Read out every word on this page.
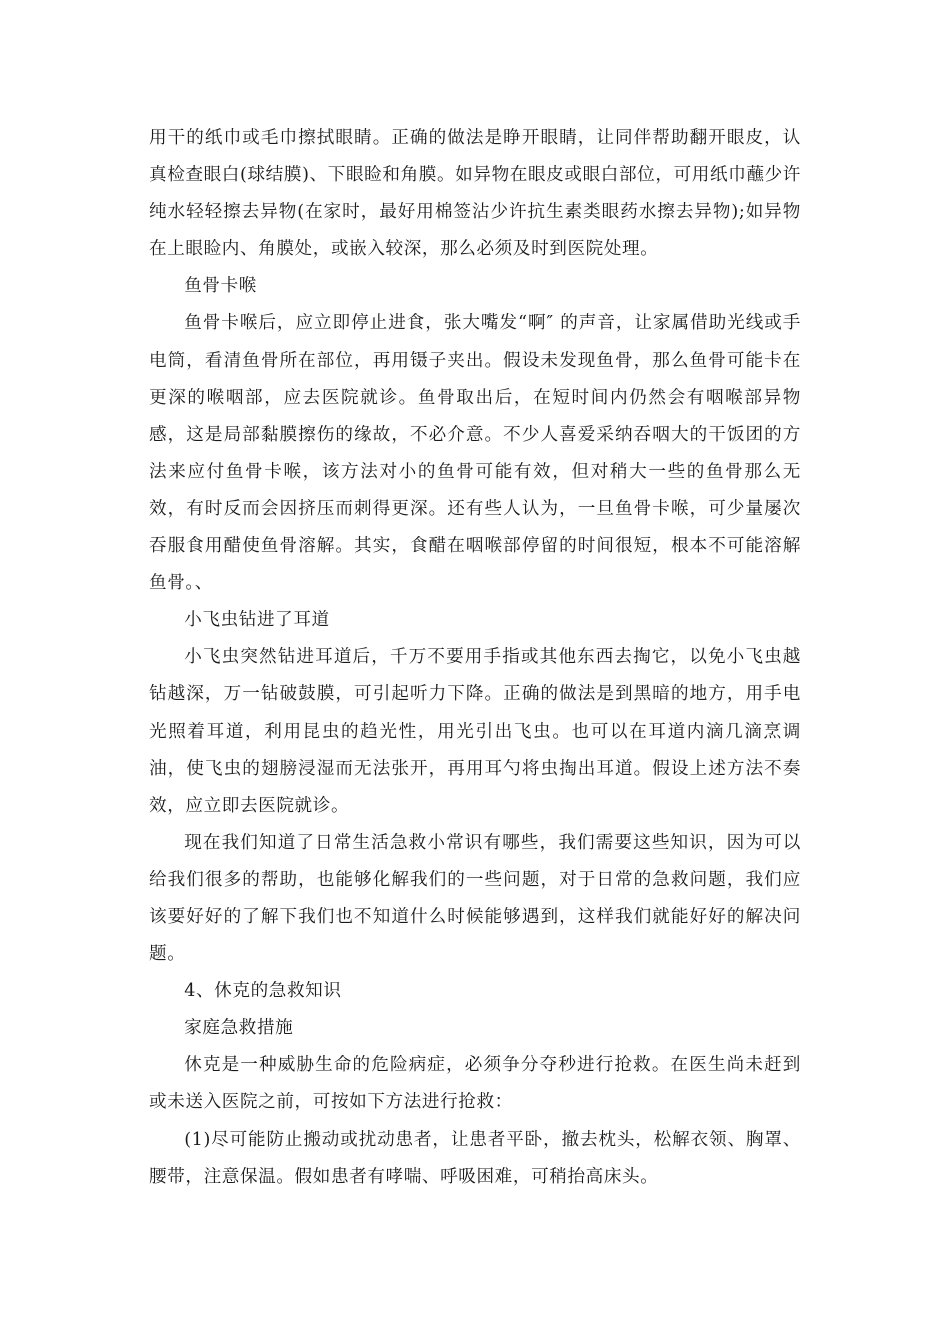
用干的纸巾或毛巾擦拭眼睛。正确的做法是睁开眼睛，让同伴帮助翻开眼皮，认真检查眼白(球结膜)、下眼睑和角膜。如异物在眼皮或眼白部位，可用纸巾蘸少许纯水轻轻擦去异物(在家时，最好用棉签沾少许抗生素类眼药水擦去异物);如异物在上眼睑内、角膜处，或嵌入较深，那么必须及时到医院处理。

鱼骨卡喉

鱼骨卡喉后，应立即停止进食，张大嘴发“啊″ 的声音，让家属借助光线或手电筒，看清鱼骨所在部位，再用镊子夹出。假设未发现鱼骨，那么鱼骨可能卡在更深的喉咽部，应去医院就诊。鱼骨取出后，在短时间内仍然会有咽喉部异物感，这是局部黏膜擦伤的缘故，不必介意。不少人喜爱采纳吞咽大的干饭团的方法来应付鱼骨卡喉，该方法对小的鱼骨可能有效，但对稍大一些的鱼骨那么无效，有时反而会因挤压而刺得更深。还有些人认为，一旦鱼骨卡喉，可少量屡次吞服食用醋使鱼骨溶解。其实，食醋在咽喉部停留的时间很短，根本不可能溶解鱼骨。、

小飞虫钻进了耳道

小飞虫突然钻进耳道后，千万不要用手指或其他东西去掏它，以免小飞虫越钻越深，万一钻破鼓膜，可引起听力下降。正确的做法是到黑暗的地方，用手电光照着耳道，利用昆虫的趋光性，用光引出飞虫。也可以在耳道内滴几滴烹调油，使飞虫的翅膀浸湿而无法张开，再用耳勺将虫掏出耳道。假设上述方法不奏效，应立即去医院就诊。

现在我们知道了日常生活急救小常识有哪些，我们需要这些知识，因为可以给我们很多的帮助，也能够化解我们的一些问题，对于日常的急救问题，我们应该要好好的了解下我们也不知道什么时候能够遇到，这样我们就能好好的解决问题。

4、休克的急救知识

家庭急救措施

休克是一种威胁生命的危险病症，必须争分夺秒进行抢救。在医生尚未赶到或未送入医院之前，可按如下方法进行抢救：

(1)尽可能防止搬动或扰动患者，让患者平卧，撤去枕头，松解衣领、胸罩、腰带，注意保温。假如患者有哮喘、呼吸困难，可稍抬高床头。
